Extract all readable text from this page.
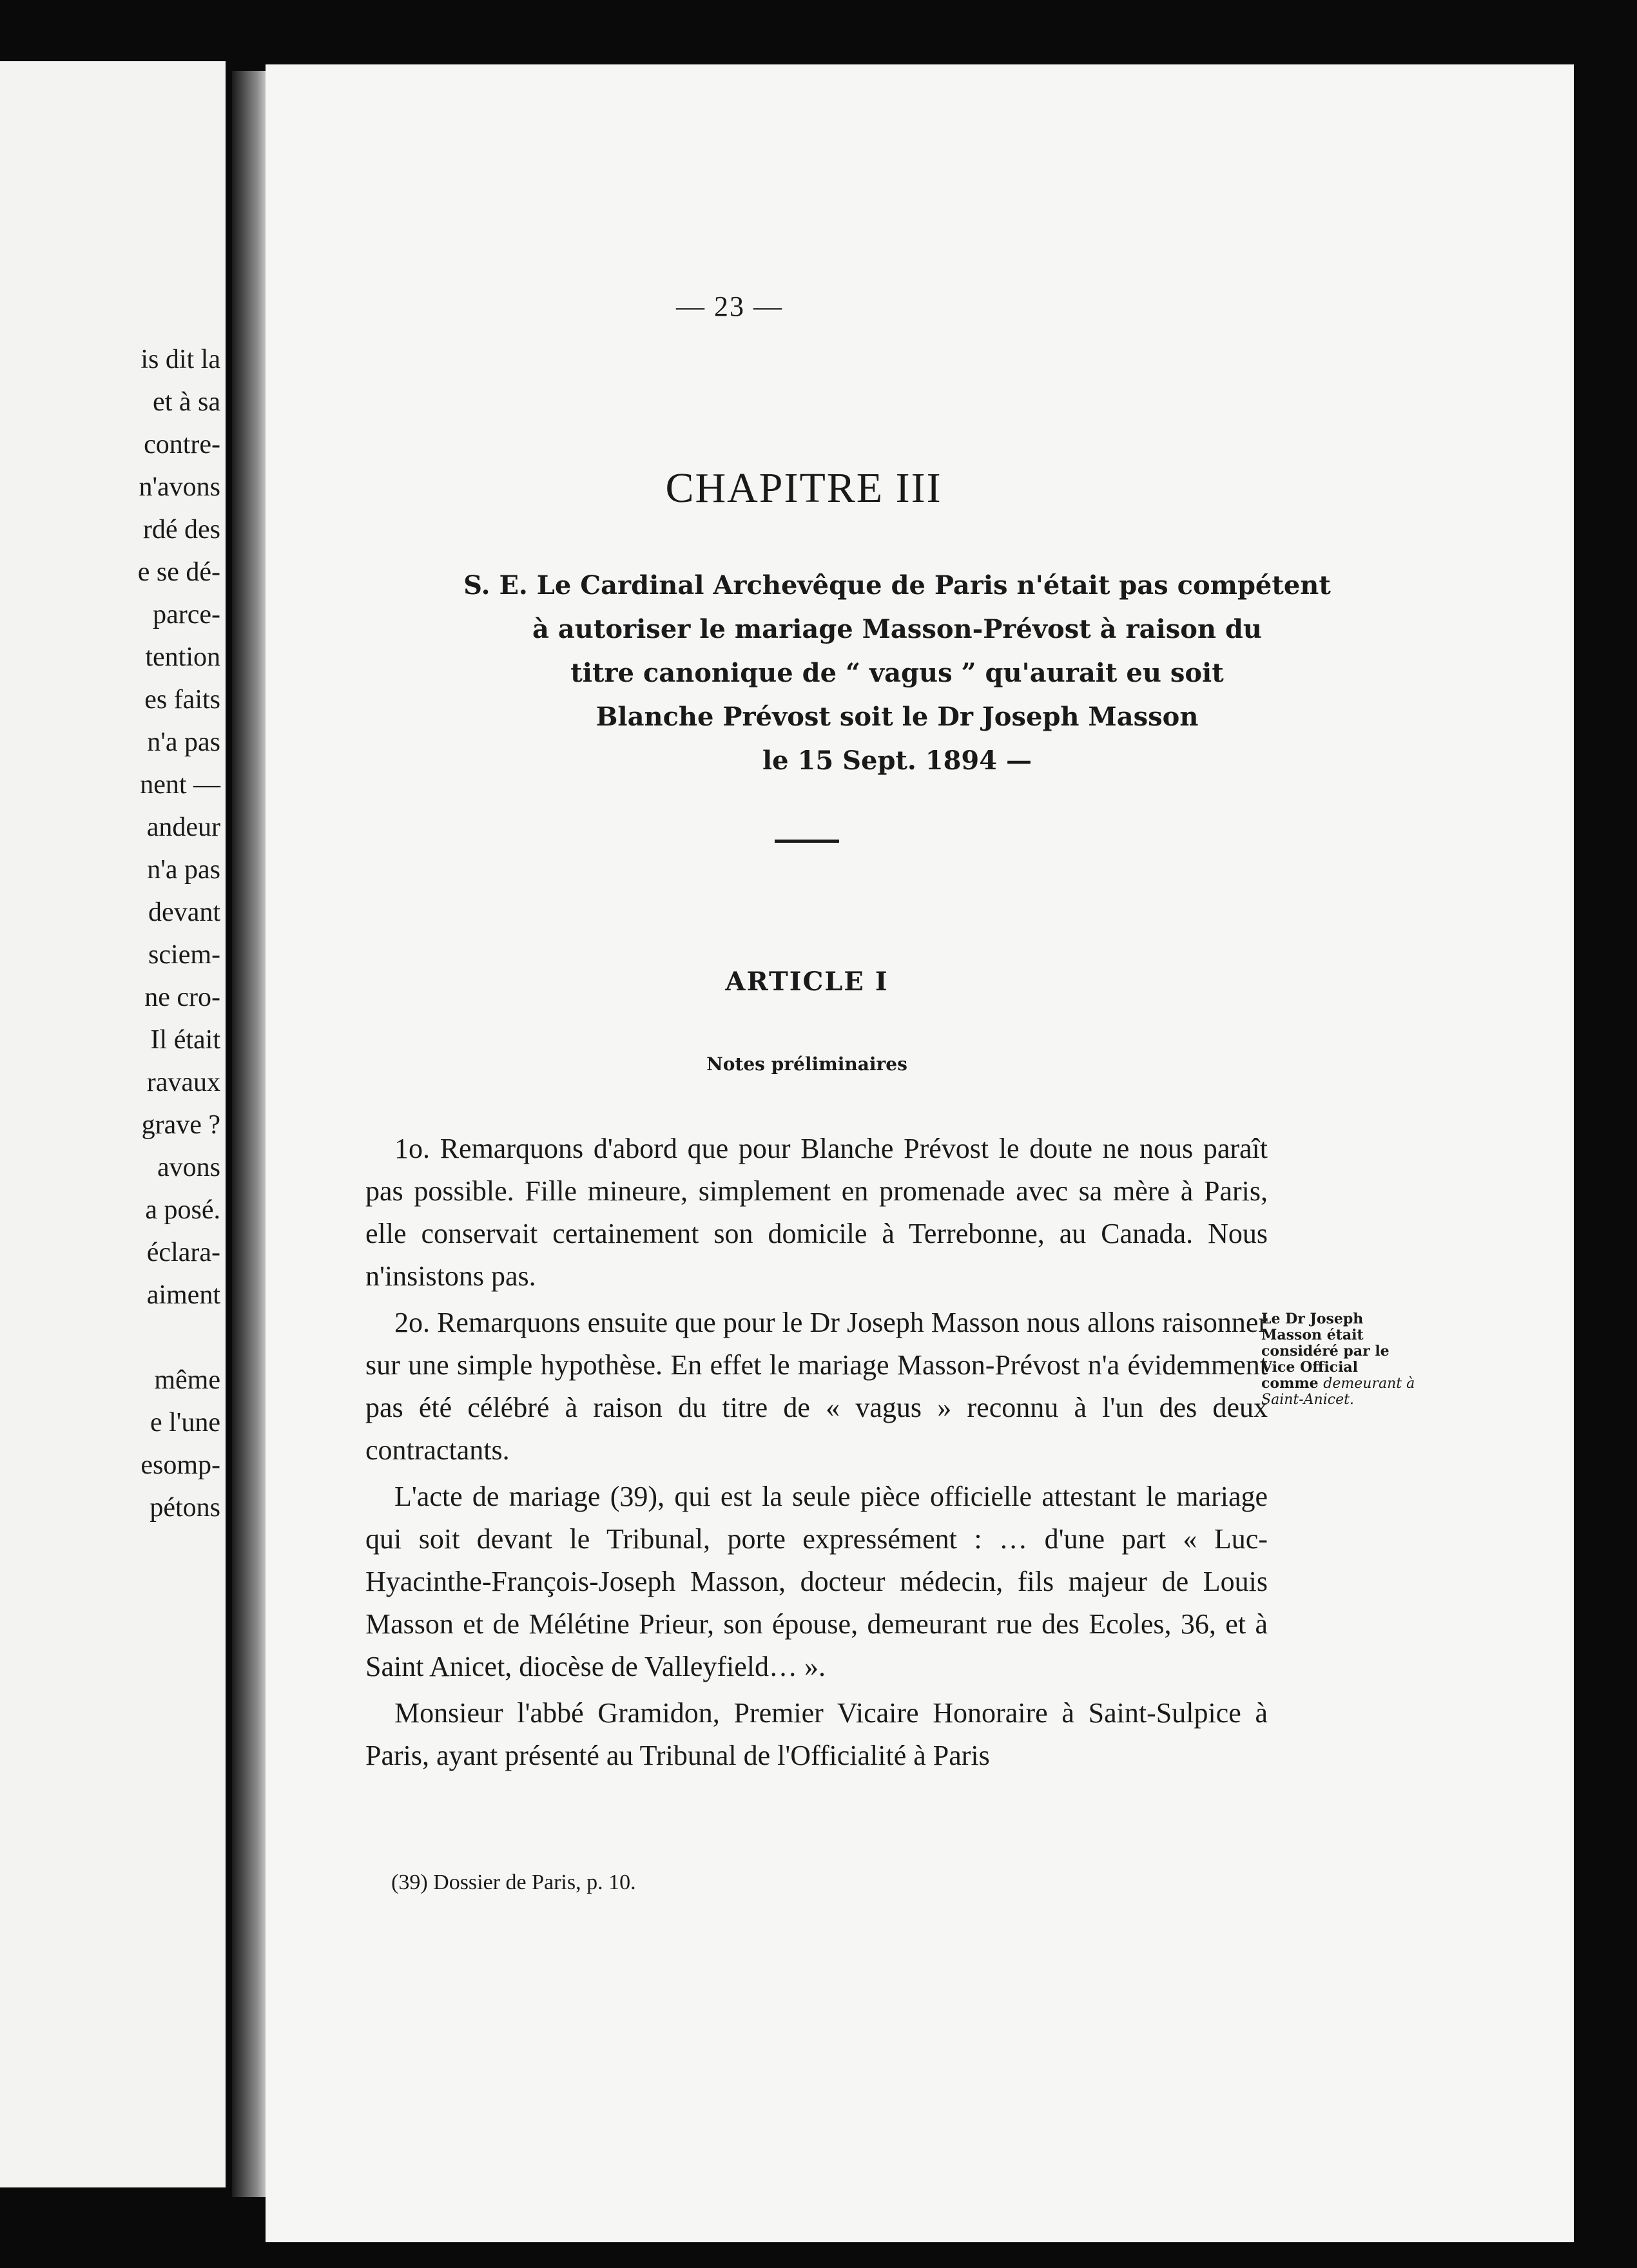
is dit la
et à sa
contre-
n'avons
rdé des
e se dé-
parce-
tention
es faits
n'a pas
nent —
andeur
n'a pas
devant
sciem-
ne cro-
Il était
ravaux
grave ?
avons
a posé.
éclara-
aiment
même
e l'une
esomp-
pétons
— 23 —
CHAPITRE III
S. E. Le Cardinal Archevêque de Paris n'était pas compétent
à autoriser le mariage Masson-Prévost à raison du
titre canonique de “ vagus ” qu'aurait eu soit
Blanche Prévost soit le Dr Joseph Masson
le 15 Sept. 1894 —
ARTICLE I
Notes préliminaires

1o. Remarquons d'abord que pour Blanche Prévost le doute ne nous paraît pas possible. Fille mineure, simplement en promenade avec sa mère à Paris, elle conservait certainement son domicile à Terrebonne, au Canada. Nous n'insistons pas.

2o. Remarquons ensuite que pour le Dr Joseph Masson nous allons raisonner sur une simple hypothèse. En effet le mariage Masson-Prévost n'a évidemment pas été célébré à raison du titre de « vagus » reconnu à l'un des deux contractants.

L'acte de mariage (39), qui est la seule pièce officielle attestant le mariage qui soit devant le Tribunal, porte expressément : … d'une part « Luc-Hyacinthe-François-Joseph Masson, docteur médecin, fils majeur de Louis Masson et de Mélétine Prieur, son épouse, demeurant rue des Ecoles, 36, et à Saint Anicet, diocèse de Valleyfield… ».

Monsieur l'abbé Gramidon, Premier Vicaire Honoraire à Saint-Sulpice à Paris, ayant présenté au Tribunal de l'Officialité à Paris

Le Dr Joseph Masson était considéré par le Vice Official comme demeurant à Saint-Anicet.
(39) Dossier de Paris, p. 10.
